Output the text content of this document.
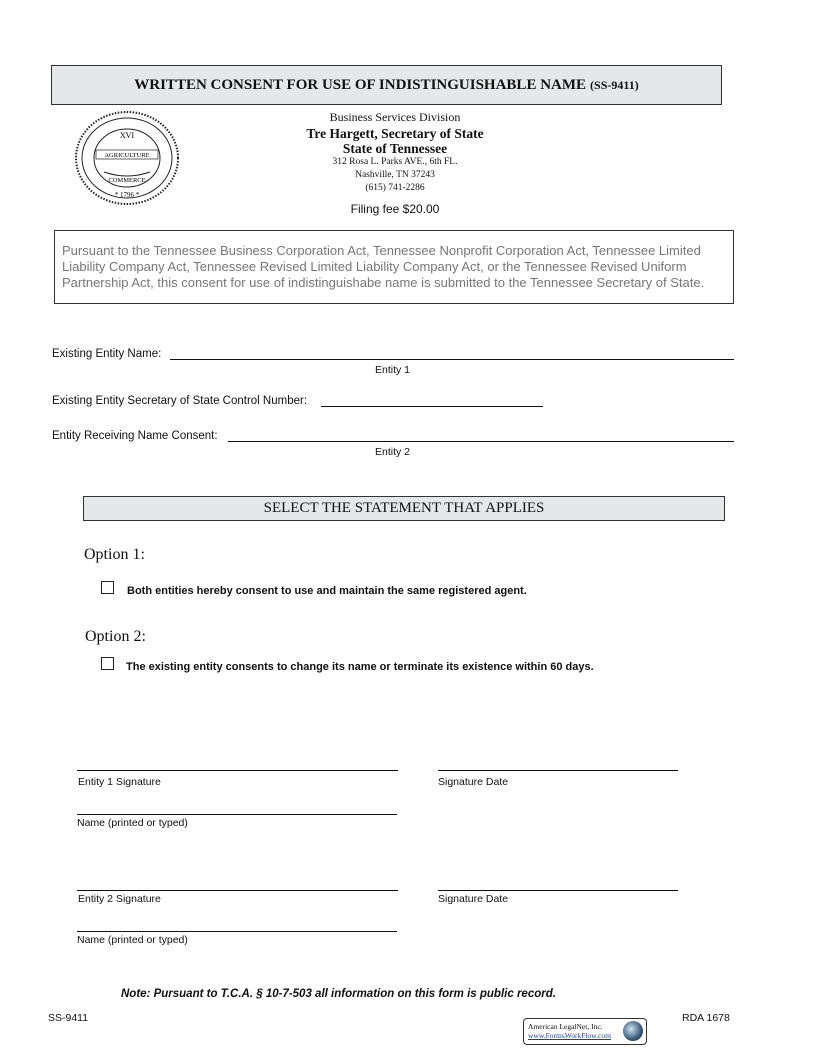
WRITTEN CONSENT FOR USE OF INDISTINGUISHABLE NAME (SS-9411)
XVI
AGRICULTURE
COMMERCE
* 1796 *
Business Services Division
Tre Hargett, Secretary of State
State of Tennessee
312 Rosa L. Parks AVE., 6th FL.
Nashville, TN 37243
(615) 741-2286
Filing fee $20.00
Pursuant to the Tennessee Business Corporation Act, Tennessee Nonprofit Corporation Act, Tennessee Limited Liability Company Act, Tennessee Revised Limited Liability Company Act, or the Tennessee Revised Uniform Partnership Act, this consent for use of indistinguishabe name is submitted to the Tennessee Secretary of State.
Existing Entity Name:
Entity 1
Existing Entity Secretary of State Control Number:
Entity Receiving Name Consent:
Entity 2
SELECT THE STATEMENT THAT APPLIES
Option 1:
Both entities hereby consent to use and maintain the same registered agent.
Option 2:
The existing entity consents to change its name or terminate its existence within 60 days.
Entity 1 Signature	Signature Date
Name (printed or typed)
Entity 2 Signature	Signature Date
Name (printed or typed)
Note: Pursuant to T.C.A. § 10-7-503 all information on this form is public record.
SS-9411	RDA 1678
American LegalNet, Inc.
www.FormsWorkFlow.com
